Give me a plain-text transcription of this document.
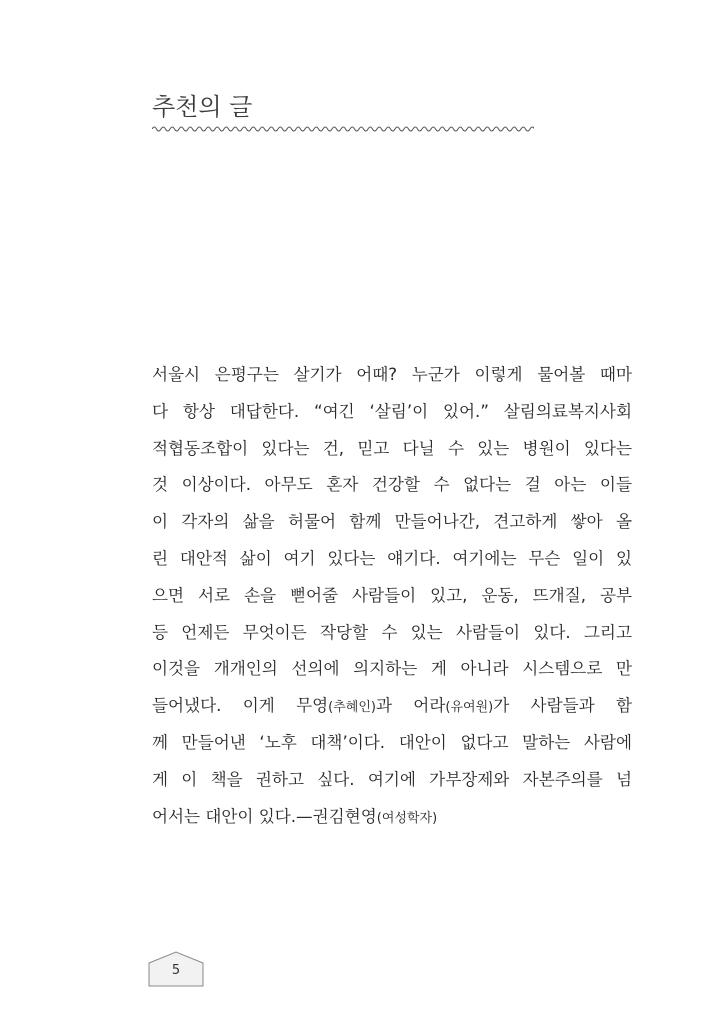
추천의 글
서울시 은평구는 살기가 어때? 누군가 이렇게 물어볼 때마
다 항상 대답한다. “여긴 ‘살림’이 있어.” 살림의료복지사회
적협동조합이 있다는 건, 믿고 다닐 수 있는 병원이 있다는
것 이상이다. 아무도 혼자 건강할 수 없다는 걸 아는 이들
이 각자의 삶을 허물어 함께 만들어나간, 견고하게 쌓아 올
린 대안적 삶이 여기 있다는 얘기다. 여기에는 무슨 일이 있
으면 서로 손을 뻗어줄 사람들이 있고, 운동, 뜨개질, 공부
등 언제든 무엇이든 작당할 수 있는 사람들이 있다. 그리고
이것을 개개인의 선의에 의지하는 게 아니라 시스템으로 만
들어냈다. 이게 무영(추혜인)과 어라(유여원)가 사람들과 함
께 만들어낸 ‘노후 대책’이다. 대안이 없다고 말하는 사람에
게 이 책을 권하고 싶다. 여기에 가부장제와 자본주의를 넘
어서는 대안이 있다.—권김현영(여성학자)
5
